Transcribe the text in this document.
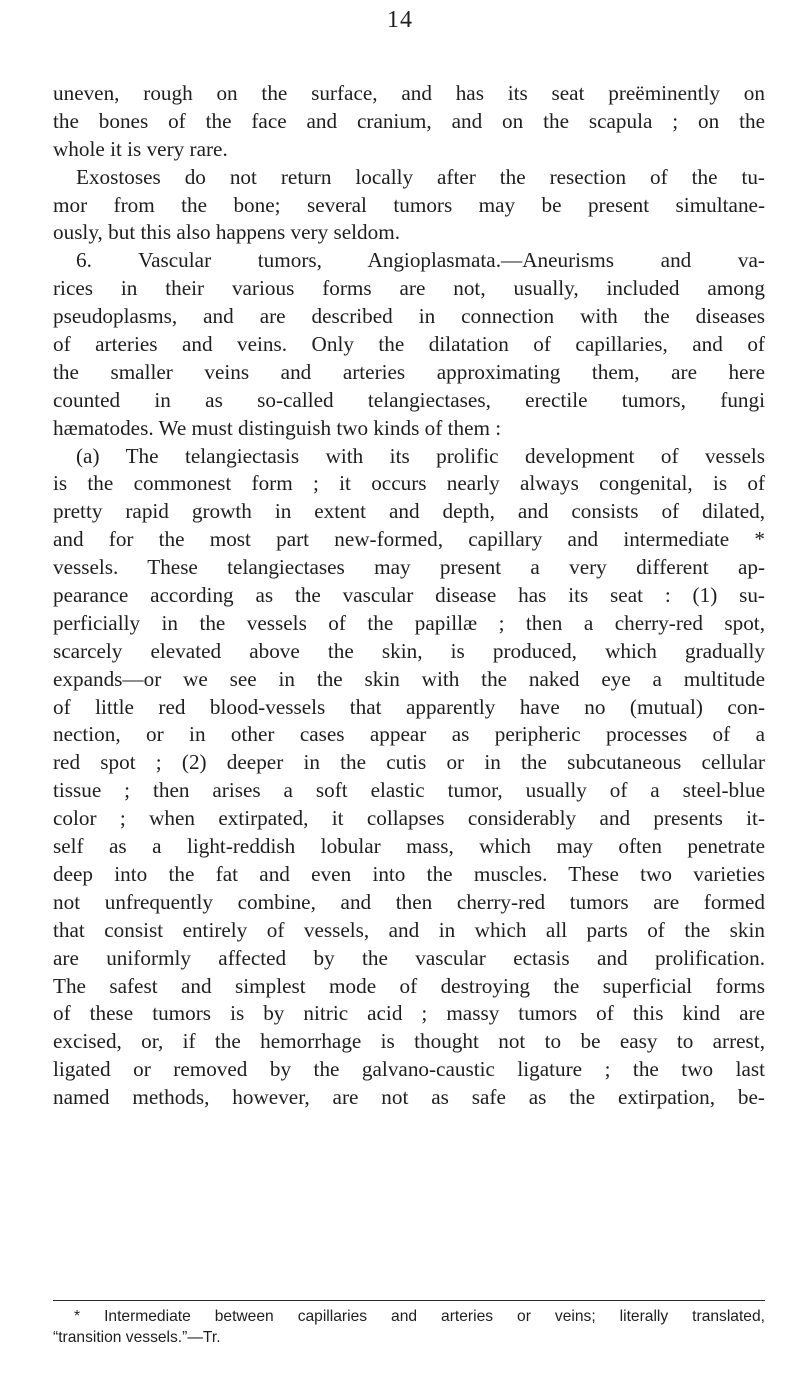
14
uneven, rough on the surface, and has its seat preëminently on
the bones of the face and cranium, and on the scapula ; on the
whole it is very rare.
Exostoses do not return locally after the resection of the tu-
mor from the bone; several tumors may be present simultane-
ously, but this also happens very seldom.
6. Vascular tumors, Angioplasmata.—Aneurisms and va-
rices in their various forms are not, usually, included among
pseudoplasms, and are described in connection with the diseases
of arteries and veins. Only the dilatation of capillaries, and of
the smaller veins and arteries approximating them, are here
counted in as so-called telangiectases, erectile tumors, fungi
hæmatodes. We must distinguish two kinds of them :
(a) The telangiectasis with its prolific development of vessels
is the commonest form ; it occurs nearly always congenital, is of
pretty rapid growth in extent and depth, and consists of dilated,
and for the most part new-formed, capillary and intermediate *
vessels. These telangiectases may present a very different ap-
pearance according as the vascular disease has its seat : (1) su-
perficially in the vessels of the papillæ ; then a cherry-red spot,
scarcely elevated above the skin, is produced, which gradually
expands—or we see in the skin with the naked eye a multitude
of little red blood-vessels that apparently have no (mutual) con-
nection, or in other cases appear as peripheric processes of a
red spot ; (2) deeper in the cutis or in the subcutaneous cellular
tissue ; then arises a soft elastic tumor, usually of a steel-blue
color ; when extirpated, it collapses considerably and presents it-
self as a light-reddish lobular mass, which may often penetrate
deep into the fat and even into the muscles. These two varieties
not unfrequently combine, and then cherry-red tumors are formed
that consist entirely of vessels, and in which all parts of the skin
are uniformly affected by the vascular ectasis and prolification.
The safest and simplest mode of destroying the superficial forms
of these tumors is by nitric acid ; massy tumors of this kind are
excised, or, if the hemorrhage is thought not to be easy to arrest,
ligated or removed by the galvano-caustic ligature ; the two last
named methods, however, are not as safe as the extirpation, be-
* Intermediate between capillaries and arteries or veins; literally translated,
“transition vessels.”—Tr.
